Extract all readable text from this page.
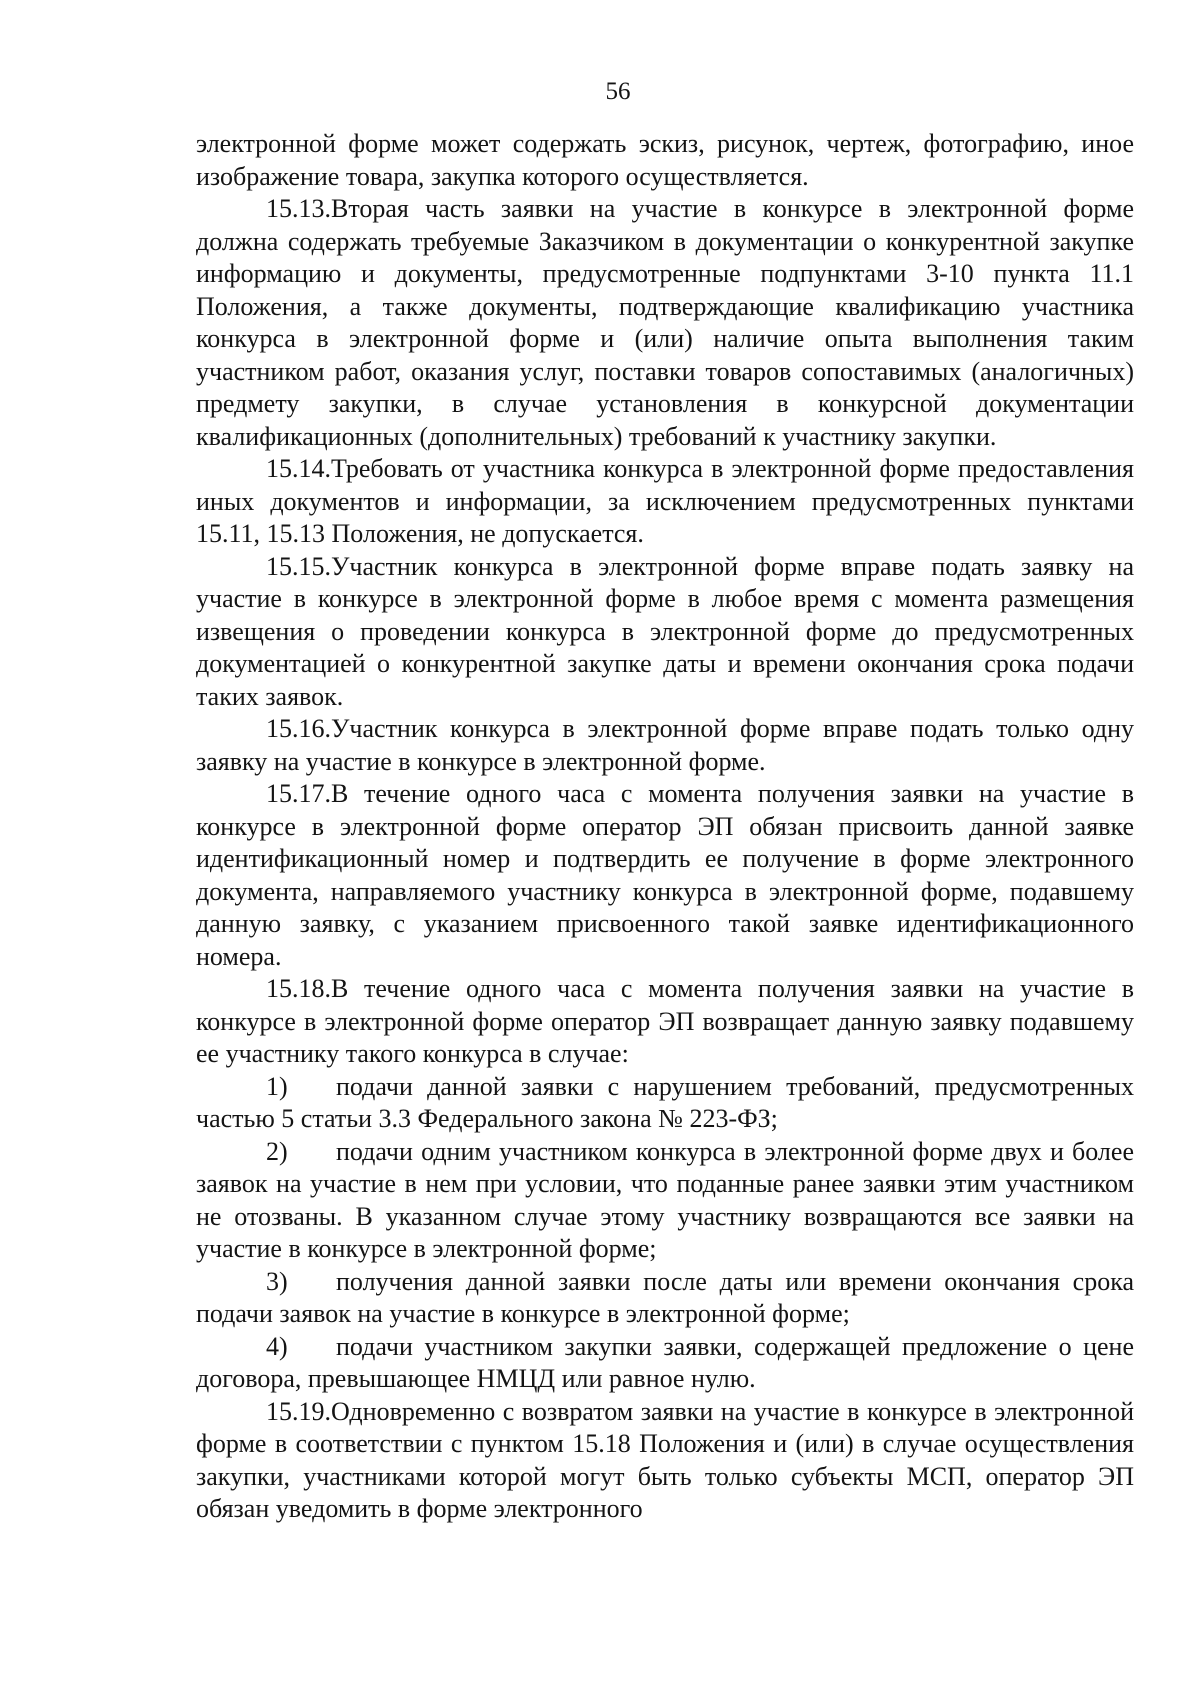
56

электронной форме может содержать эскиз, рисунок, чертеж, фотографию, иное изображение товара, закупка которого осуществляется.

15.13.Вторая часть заявки на участие в конкурсе в электронной форме должна содержать требуемые Заказчиком в документации о конкурентной закупке информацию и документы, предусмотренные подпунктами 3-10 пункта 11.1 Положения, а также документы, подтверждающие квалификацию участника конкурса в электронной форме и (или) наличие опыта выполнения таким участником работ, оказания услуг, поставки товаров сопоставимых (аналогичных) предмету закупки, в случае установления в конкурсной документации квалификационных (дополнительных) требований к участнику закупки.

15.14.Требовать от участника конкурса в электронной форме предоставления иных документов и информации, за исключением предусмотренных пунктами 15.11, 15.13 Положения, не допускается.

15.15.Участник конкурса в электронной форме вправе подать заявку на участие в конкурсе в электронной форме в любое время с момента размещения извещения о проведении конкурса в электронной форме до предусмотренных документацией о конкурентной закупке даты и времени окончания срока подачи таких заявок.

15.16.Участник конкурса в электронной форме вправе подать только одну заявку на участие в конкурсе в электронной форме.

15.17.В течение одного часа с момента получения заявки на участие в конкурсе в электронной форме оператор ЭП обязан присвоить данной заявке идентификационный номер и подтвердить ее получение в форме электронного документа, направляемого участнику конкурса в электронной форме, подавшему данную заявку, с указанием присвоенного такой заявке идентификационного номера.

15.18.В течение одного часа с момента получения заявки на участие в конкурсе в электронной форме оператор ЭП возвращает данную заявку подавшему ее участнику такого конкурса в случае:

1) подачи данной заявки с нарушением требований, предусмотренных частью 5 статьи 3.3 Федерального закона № 223-ФЗ;

2) подачи одним участником конкурса в электронной форме двух и более заявок на участие в нем при условии, что поданные ранее заявки этим участником не отозваны. В указанном случае этому участнику возвращаются все заявки на участие в конкурсе в электронной форме;

3) получения данной заявки после даты или времени окончания срока подачи заявок на участие в конкурсе в электронной форме;

4) подачи участником закупки заявки, содержащей предложение о цене договора, превышающее НМЦД или равное нулю.

15.19.Одновременно с возвратом заявки на участие в конкурсе в электронной форме в соответствии с пунктом 15.18 Положения и (или) в случае осуществления закупки, участниками которой могут быть только субъекты МСП, оператор ЭП обязан уведомить в форме электронного
